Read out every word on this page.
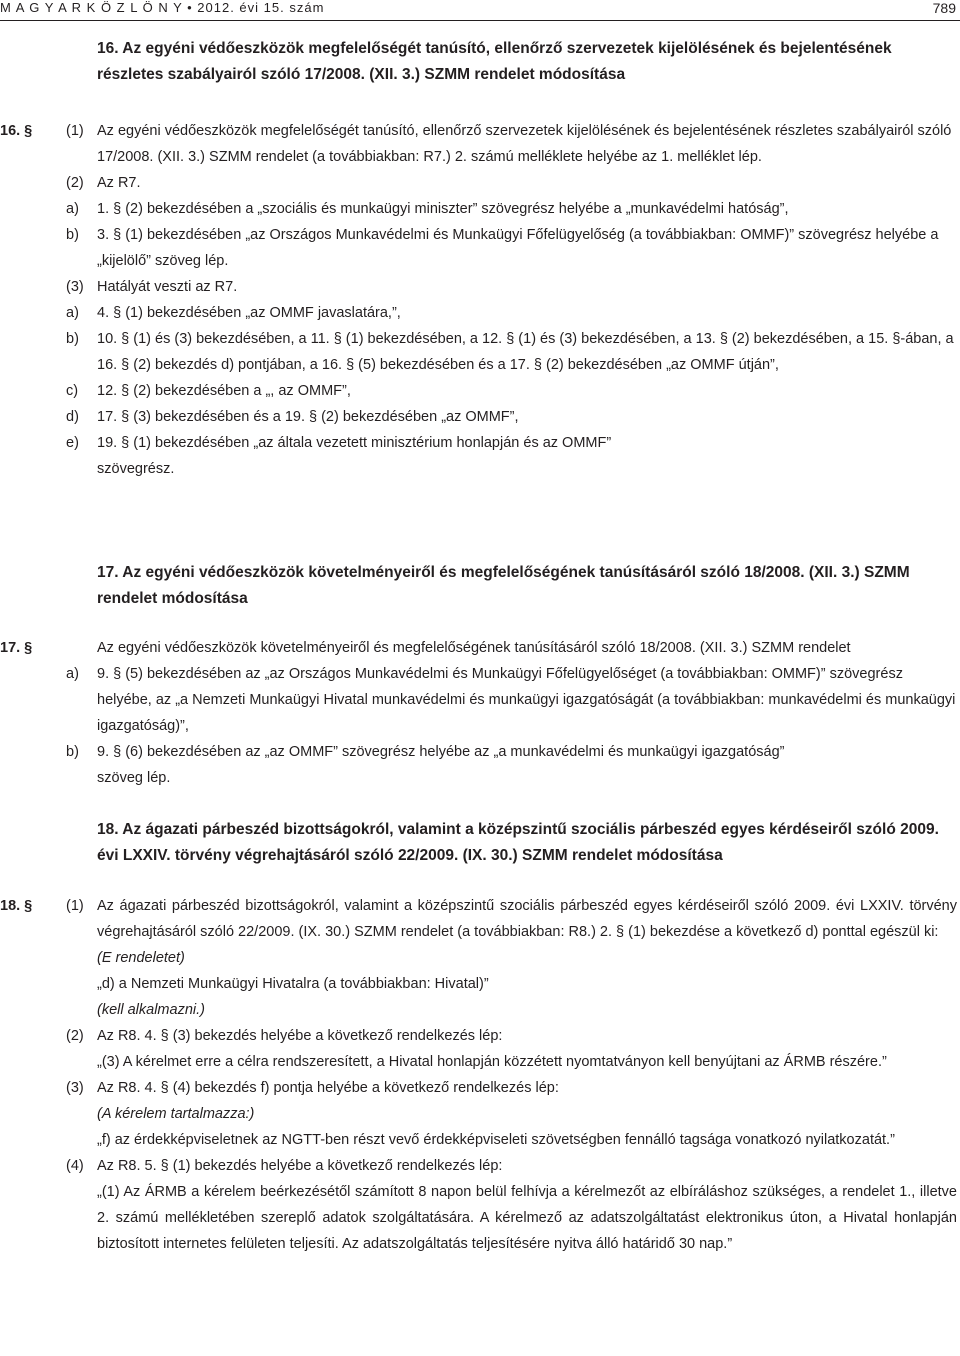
M A G Y A R K Ö Z L Ö N Y • 2012. évi 15. szám	789
16. Az egyéni védőeszközök megfelelőségét tanúsító, ellenőrző szervezetek kijelölésének és bejelentésének részletes szabályairól szóló 17/2008. (XII. 3.) SZMM rendelet módosítása
16. § (1) Az egyéni védőeszközök megfelelőségét tanúsító, ellenőrző szervezetek kijelölésének és bejelentésének részletes szabályairól szóló 17/2008. (XII. 3.) SZMM rendelet (a továbbiakban: R7.) 2. számú melléklete helyébe az 1. melléklet lép.
(2) Az R7.
a) 1. § (2) bekezdésében a „szociális és munkaügyi miniszter” szövegrész helyébe a „munkavédelmi hatóság”,
b) 3. § (1) bekezdésében „az Országos Munkavédelmi és Munkaügyi Főfelügyelőség (a továbbiakban: OMMF)” szövegrész helyébe a „kijelölő” szöveg lép.
(3) Hatályát veszti az R7.
a) 4. § (1) bekezdésében „az OMMF javaslatára,”,
b) 10. § (1) és (3) bekezdésében, a 11. § (1) bekezdésében, a 12. § (1) és (3) bekezdésében, a 13. § (2) bekezdésében, a 15. §-ában, a 16. § (2) bekezdés d) pontjában, a 16. § (5) bekezdésében és a 17. § (2) bekezdésében „az OMMF útján”,
c) 12. § (2) bekezdésében a „, az OMMF”,
d) 17. § (3) bekezdésében és a 19. § (2) bekezdésében „az OMMF”,
e) 19. § (1) bekezdésében „az általa vezetett minisztérium honlapján és az OMMF”
szövegrész.
17. Az egyéni védőeszközök követelményeiről és megfelelőségének tanúsításáról szóló 18/2008. (XII. 3.) SZMM rendelet módosítása
17. §	Az egyéni védőeszközök követelményeiről és megfelelőségének tanúsításáról szóló 18/2008. (XII. 3.) SZMM rendelet
a) 9. § (5) bekezdésében az „az Országos Munkavédelmi és Munkaügyi Főfelügyelőséget (a továbbiakban: OMMF)” szövegrész helyébe, az „a Nemzeti Munkaügyi Hivatal munkavédelmi és munkaügyi igazgatóságát (a továbbiakban: munkavédelmi és munkaügyi igazgatóság)”,
b) 9. § (6) bekezdésében az „az OMMF” szövegrész helyébe az „a munkavédelmi és munkaügyi igazgatóság”
szöveg lép.
18. Az ágazati párbeszéd bizottságokról, valamint a középszintű szociális párbeszéd egyes kérdéseiről szóló 2009. évi LXXIV. törvény végrehajtásáról szóló 22/2009. (IX. 30.) SZMM rendelet módosítása
18. § (1) Az ágazati párbeszéd bizottságokról, valamint a középszintű szociális párbeszéd egyes kérdéseiről szóló 2009. évi LXXIV. törvény végrehajtásáról szóló 22/2009. (IX. 30.) SZMM rendelet (a továbbiakban: R8.) 2. § (1) bekezdése a következő d) ponttal egészül ki:
(E rendeletet)
„d) a Nemzeti Munkaügyi Hivatalra (a továbbiakban: Hivatal)”
(kell alkalmazni.)
(2) Az R8. 4. § (3) bekezdés helyébe a következő rendelkezés lép:
„(3) A kérelmet erre a célra rendszeresített, a Hivatal honlapján közzétett nyomtatványon kell benyújtani az ÁRMB részére.”
(3) Az R8. 4. § (4) bekezdés f) pontja helyébe a következő rendelkezés lép:
(A kérelem tartalmazza:)
„f) az érdekképviseletnek az NGTT-ben részt vevő érdekképviseleti szövetségben fennálló tagsága vonatkozó nyilatkozatát.”
(4) Az R8. 5. § (1) bekezdés helyébe a következő rendelkezés lép:
„(1) Az ÁRMB a kérelem beérkezésétől számított 8 napon belül felhívja a kérelmezőt az elbíráláshoz szükséges, a rendelet 1., illetve 2. számú mellékletében szereplő adatok szolgáltatására. A kérelmező az adatszolgáltatást elektronikus úton, a Hivatal honlapján biztosított internetes felületen teljesíti. Az adatszolgáltatás teljesítésére nyitva álló határidő 30 nap.”
